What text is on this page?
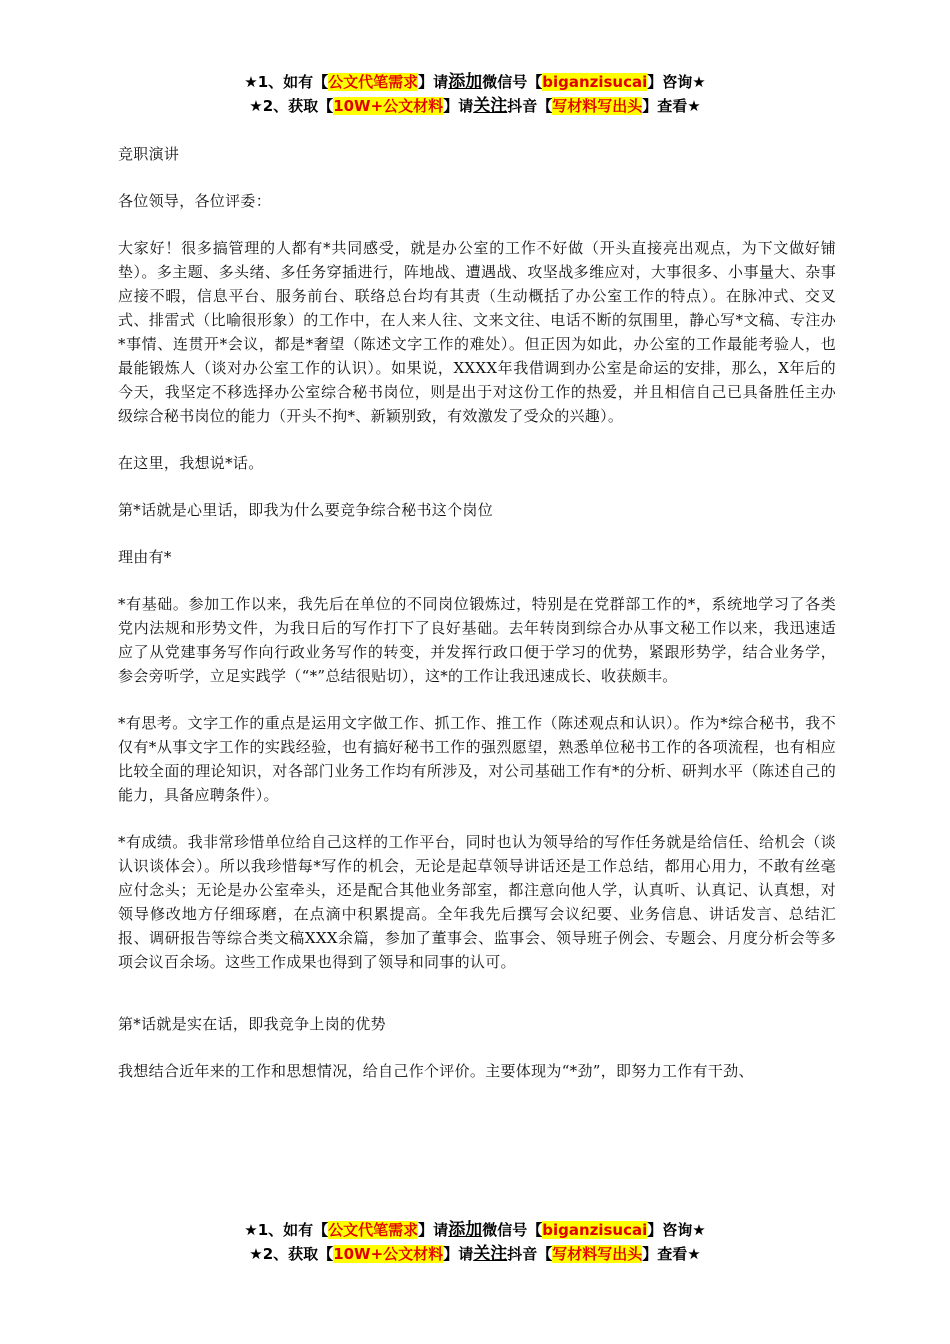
★1、如有【公文代笔需求】请添加微信号【biganzisucai】咨询★
★2、获取【10W+公文材料】请关注抖音【写材料写出头】查看★

竞职演讲

各位领导，各位评委：

大家好！很多搞管理的人都有*共同感受，就是办公室的工作不好做（开头直接亮出观点，为下文做好铺垫）。多主题、多头绪、多任务穿插进行，阵地战、遭遇战、攻坚战多维应对，大事很多、小事量大、杂事应接不暇，信息平台、服务前台、联络总台均有其责（生动概括了办公室工作的特点）。在脉冲式、交叉式、排雷式（比喻很形象）的工作中，在人来人往、文来文往、电话不断的氛围里，静心写*文稿、专注办*事情、连贯开*会议，都是*奢望（陈述文字工作的难处）。但正因为如此，办公室的工作最能考验人，也最能锻炼人（谈对办公室工作的认识）。如果说，XXXX年我借调到办公室是命运的安排，那么，X年后的今天，我坚定不移选择办公室综合秘书岗位，则是出于对这份工作的热爱，并且相信自己已具备胜任主办级综合秘书岗位的能力（开头不拘*、新颖别致，有效激发了受众的兴趣）。

在这里，我想说*话。

第*话就是心里话，即我为什么要竞争综合秘书这个岗位

理由有*

*有基础。参加工作以来，我先后在单位的不同岗位锻炼过，特别是在党群部工作的*，系统地学习了各类党内法规和形势文件，为我日后的写作打下了良好基础。去年转岗到综合办从事文秘工作以来，我迅速适应了从党建事务写作向行政业务写作的转变，并发挥行政口便于学习的优势，紧跟形势学，结合业务学，参会旁听学，立足实践学（“*”总结很贴切），这*的工作让我迅速成长、收获颇丰。

*有思考。文字工作的重点是运用文字做工作、抓工作、推工作（陈述观点和认识）。作为*综合秘书，我不仅有*从事文字工作的实践经验，也有搞好秘书工作的强烈愿望，熟悉单位秘书工作的各项流程，也有相应比较全面的理论知识，对各部门业务工作均有所涉及，对公司基础工作有*的分析、研判水平（陈述自己的能力，具备应聘条件）。

*有成绩。我非常珍惜单位给自己这样的工作平台，同时也认为领导给的写作任务就是给信任、给机会（谈认识谈体会）。所以我珍惜每*写作的机会，无论是起草领导讲话还是工作总结，都用心用力，不敢有丝毫应付念头；无论是办公室牵头，还是配合其他业务部室，都注意向他人学，认真听、认真记、认真想，对领导修改地方仔细琢磨，在点滴中积累提高。全年我先后撰写会议纪要、业务信息、讲话发言、总结汇报、调研报告等综合类文稿XXX余篇，参加了董事会、监事会、领导班子例会、专题会、月度分析会等多项会议百余场。这些工作成果也得到了领导和同事的认可。

第*话就是实在话，即我竞争上岗的优势

我想结合近年来的工作和思想情况，给自己作个评价。主要体现为“*劲”，即努力工作有干劲、

★1、如有【公文代笔需求】请添加微信号【biganzisucai】咨询★
★2、获取【10W+公文材料】请关注抖音【写材料写出头】查看★
